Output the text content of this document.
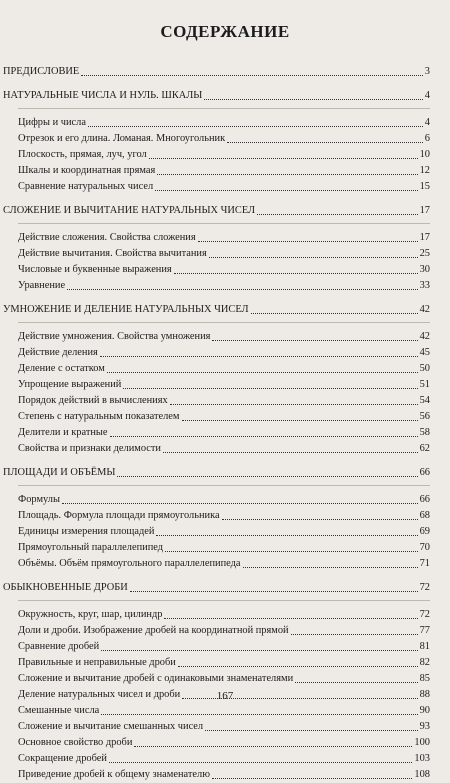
СОДЕРЖАНИЕ
ПРЕДИСЛОВИЕ	3
НАТУРАЛЬНЫЕ ЧИСЛА И НУЛЬ. ШКАЛЫ	4
Цифры и числа	4
Отрезок и его длина. Ломаная. Многоугольник	6
Плоскость, прямая, луч, угол	10
Шкалы и координатная прямая	12
Сравнение натуральных чисел	15
СЛОЖЕНИЕ И ВЫЧИТАНИЕ НАТУРАЛЬНЫХ ЧИСЕЛ	17
Действие сложения. Свойства сложения	17
Действие вычитания. Свойства вычитания	25
Числовые и буквенные выражения	30
Уравнение	33
УМНОЖЕНИЕ И ДЕЛЕНИЕ НАТУРАЛЬНЫХ ЧИСЕЛ	42
Действие умножения. Свойства умножения	42
Действие деления	45
Деление с остатком	50
Упрощение выражений	51
Порядок действий в вычислениях	54
Степень с натуральным показателем	56
Делители и кратные	58
Свойства и признаки делимости	62
ПЛОЩАДИ И ОБЪЁМЫ	66
Формулы	66
Площадь. Формула площади прямоугольника	68
Единицы измерения площадей	69
Прямоугольный параллелепипед	70
Объёмы. Объём прямоугольного параллелепипеда	71
ОБЫКНОВЕННЫЕ ДРОБИ	72
Окружность, круг, шар, цилиндр	72
Доли и дроби. Изображение дробей на координатной прямой	77
Сравнение дробей	81
Правильные и неправильные дроби	82
Сложение и вычитание дробей с одинаковыми знаменателями	85
Деление натуральных чисел и дроби	88
Смешанные числа	90
Сложение и вычитание смешанных чисел	93
Основное свойство дроби	100
Сокращение дробей	103
Приведение дробей к общему знаменателю	108
167
